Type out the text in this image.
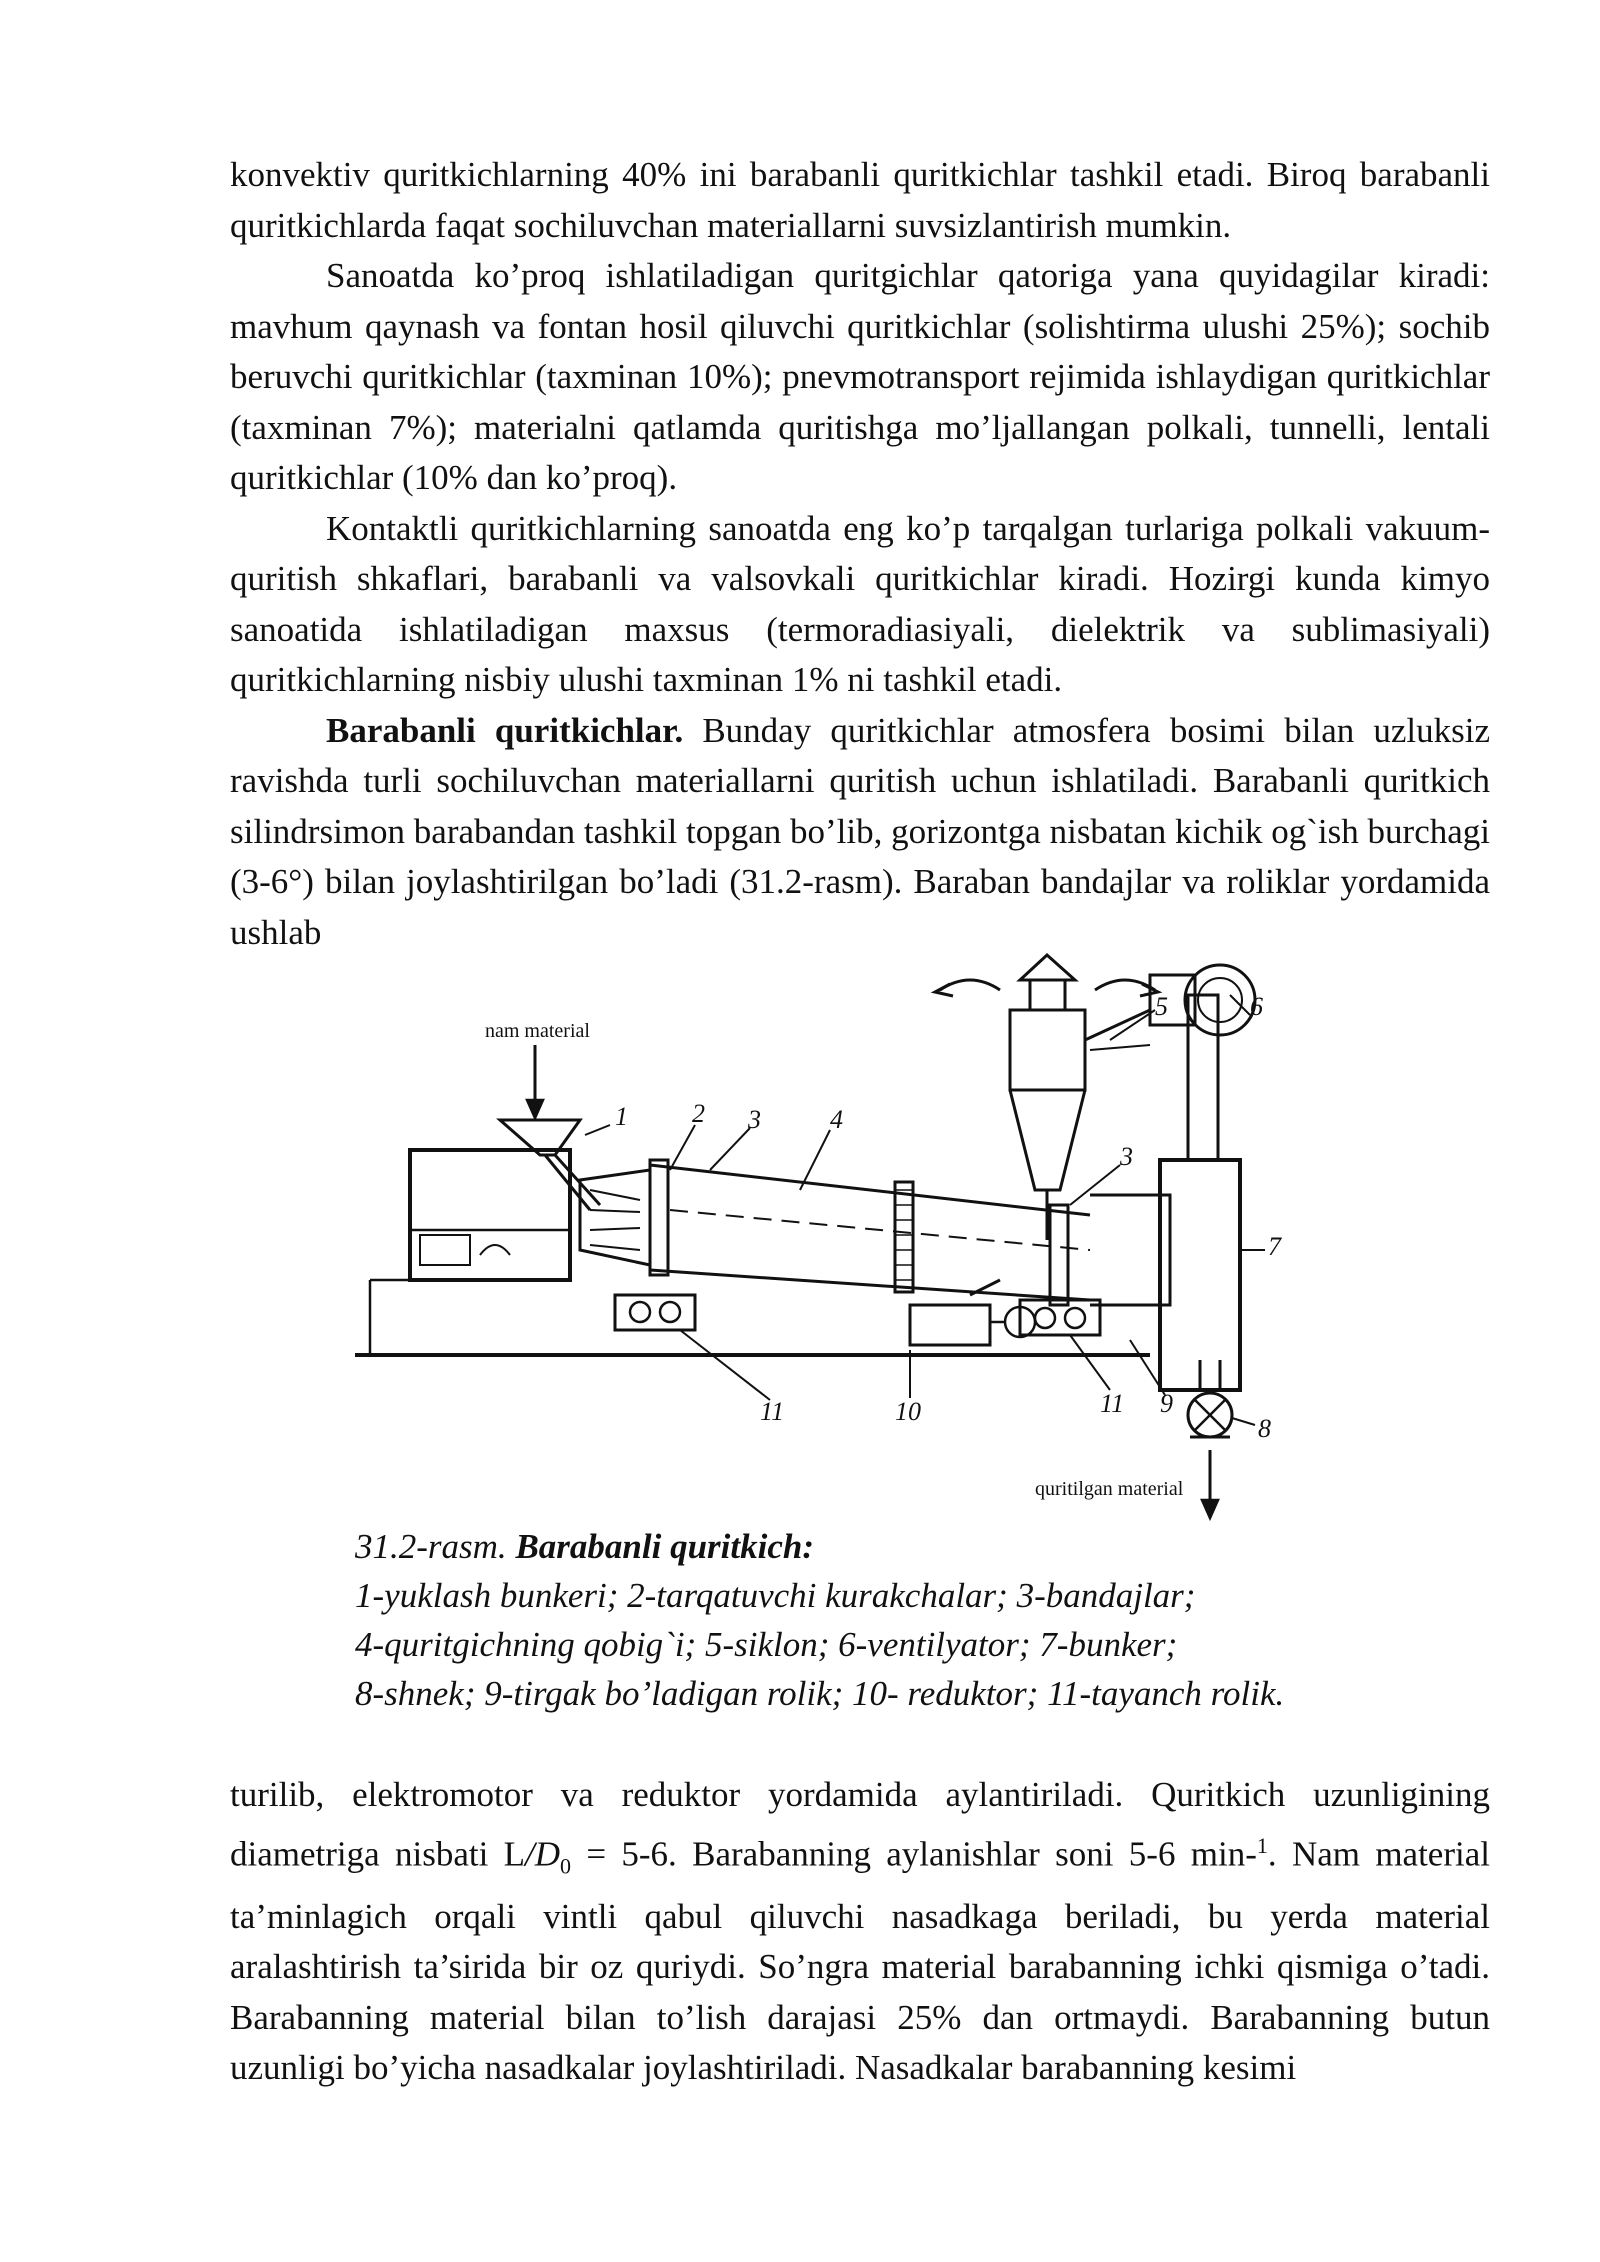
konvektiv quritkichlarning 40% ini barabanli quritkichlar tashkil etadi. Biroq barabanli quritkichlarda faqat sochiluvchan materiallarni suvsizlantirish mumkin.

Sanoatda ko’proq ishlatiladigan quritgichlar qatoriga yana quyidagilar kiradi: mavhum qaynash va fontan hosil qiluvchi quritkichlar (solishtirma ulushi 25%); sochib beruvchi quritkichlar (taxminan 10%); pnevmotransport rejimida ishlaydigan quritkichlar (taxminan 7%); materialni qatlamda quritishga mo’ljallangan polkali, tunnelli, lentali quritkichlar (10% dan ko’proq).

Kontaktli quritkichlarning sanoatda eng ko’p tarqalgan turlariga polkali vakuum-quritish shkaflari, barabanli va valsovkali quritkichlar kiradi. Hozirgi kunda kimyo sanoatida ishlatiladigan maxsus (termoradiasiyali, dielektrik va sublimasiyali) quritkichlarning nisbiy ulushi taxminan 1% ni tashkil etadi.

Barabanli quritkichlar. Bunday quritkichlar atmosfera bosimi bilan uzluksiz ravishda turli sochiluvchan materiallarni quritish uchun ishlatiladi. Barabanli quritkich silindrsimon barabandan tashkil topgan bo’lib, gorizontga nisbatan kichik og`ish burchagi (3-6°) bilan joylashtirilgan bo’ladi (31.2-rasm). Baraban bandajlar va roliklar yordamida ushlab

nam material
quritilgan material
1 2 3	4
5	6
3
7
11	10	11 9
8
31.2-rasm. Barabanli quritkich:
1-yuklash bunkeri; 2-tarqatuvchi kurakchalar; 3-bandajlar;
4-quritgichning qobig`i; 5-siklon; 6-ventilyator; 7-bunker;
8-shnek; 9-tirgak bo’ladigan rolik; 10- reduktor; 11-tayanch rolik.

turilib, elektromotor va reduktor yordamida aylantiriladi. Quritkich uzunligining diametriga nisbati $L/D_0 = 5-6$. Barabanning aylanishlar soni 5-6 min-$^1$. Nam material ta’minlagich orqali vintli qabul qiluvchi nasadkaga beriladi, bu yerda material aralashtirish ta’sirida bir oz quriydi. So’ngra material barabanning ichki qismiga o’tadi. Barabanning material bilan to’lish darajasi 25% dan ortmaydi. Barabanning butun uzunligi bo’yicha nasadkalar joylashtiriladi. Nasadkalar barabanning kesimi
